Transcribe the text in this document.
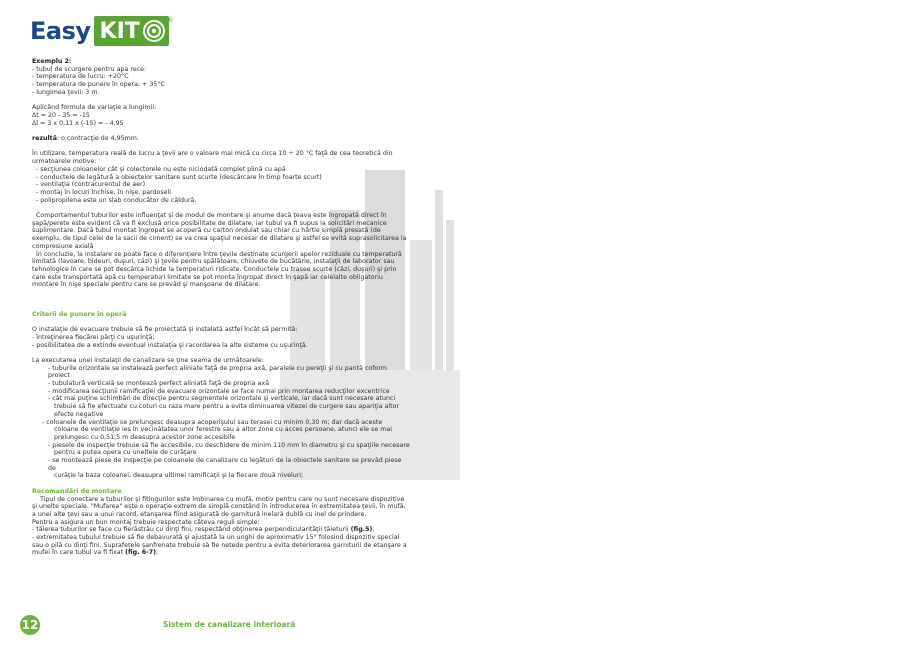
Easy KIT	®

Exemplu 2:

- tubul de scurgere pentru apa rece:

- temperatura de lucru: +20°C

- temperatura de punere în opera: + 35°C

- lungimea ţevii: 3 m.

Aplicând formula de variaţie a lungimii:

Δt = 20 - 35 = -15

Δl = 3 x 0,11 x (-15) = - 4,95

rezultă: o contracţie de 4,95mm.

În utilizare, temperatura reală de lucru a ţevii are o valoare mai mică cu circa 10 ÷ 20 °C faţă de cea teoretică din urmatoarele motive:

- secţiunea coloanelor cât şi colectorele nu este niciodată complet plină cu apă

- conductele de legătură a obiectelor sanitare sunt scurte (descărcare în timp foarte scurt)

- ventilaţia (contracurentul de aer)

- montaj în locuri închise, în nişe, pardoseli

- polipropilena este un slab conducător de căldură.

Comportamentul tuburilor este influenţat şi de modul de montare şi anume dacă ţeava este îngropată direct în şapă/perete este evident că va fi exclusă orice posibilitate de dilatare, iar tubul va fi supus la solicitări mecanice suplimentare. Dacă tubul montat îngropat se acoperă cu carton ondulat sau chiar cu hârtie simplă presată (de exemplu, de tipul celei de la sacii de ciment) se va crea spaţiul necesar de dilatare şi astfel se evită suprasolicitarea la compresiune axială

În concluzie, la instalare se poate face o diferenţiere între ţevile destinate scurgerii apelor reziduale cu temperatură limitată (lavoare, bideuri, duşuri, căzi) şi ţevile pentru spălătoare, chiuvete de bucătărie, instalaţii de laborator sau tehnologice în care se pot descărca lichide la temperaturi ridicate. Conductele cu trasee scurte (căzi, duşuri) şi prin care este transportată apă cu temperaturi limitate se pot monta îngropat direct în şapă iar celelalte obligatoriu montare în nişe speciale pentru care se prevăd şi manşoane de dilatare.

Criterii de punere în operă

O instalaţie de evacuare trebuie să fie proiectată şi instalată astfel încât să permită:

- întreţinerea fiecărei părţi cu uşurinţă;

- posibilitatea de a extinde eventual instalaţia şi racordarea la alte sisteme cu uşurinţă.

La executarea unei instalaţii de canalizare se ţine seama de următoarele:

- tuburile orizontale se instalează perfect aliniate faţă de propria axă, paralele cu pereţii şi cu pantă coform proiect

- tubulatură verticală se montează perfect aliniată faţă de propria axă

- modificarea secţiunii ramificaţiei de evacuare orizontale se face numai prin montarea reducţilor excentrice

- cât mai puţine schimbări de direcţie pentru segmentele orizontale şi verticale, iar dacă sunt necesare atunci

trebuie să fie efectuate cu coturi cu raza mare pentru a evita diminuarea vitezei de curgere sau apariţia altor

efecte negative

- coloanele de ventilaţie se prelungesc deasupra acoperişului sau terasei cu minim 0,30 m; dar dacă aceste

coloane de ventilaţie ies în vecinătatea unor ferestre sau a altor zone cu acces persoane, atunci ele se mai

prelungesc cu 0,51,5 m deasupra acestor zone accesibile

- piesele de inspecţie trebuie să fie accesibile, cu deschidere de minim 110 mm în diametru şi cu spaţiile necesare

pentru a putea opera cu uneltele de curăţare

- se montează piese de inspecţie pe coloanele de canalizare cu legături de la obiectele sanitare se prevăd piese de

curăţie la baza coloanei, deasupra ultimei ramificaţii şi la fiecare două niveluri;

Recomandări de montare

Tipul de conectare a tuburilor şi fitingurilor este îmbinarea cu mufă, motiv pentru care nu sunt necesare dispozitive şi unelte speciale. "Mufarea" este o operaţie extrem de simplă constând în introducerea în extremitatea ţevii, în mufă, a unei alte ţevi sau a unui racord, etanşarea fiind asigurată de garnitură inelară dublă cu inel de prindere.

Pentru a asigura un bun montaj trebuie respectate câteva reguli simple:

- tăierea tuburilor se face cu fierăstrău cu dinţi fini, respectând obţinerea perpendicularităţii tăieturii (fig.5);

- extremitatea tubului trebuie să fie debavurată şi ajustată la un unghi de aproximativ 15° folosind dispozitiv special sau o pilă cu dinţi fini. Suprafeţele şanfrenate trebuie să fie netede pentru a evita deteriorarea garniturii de etanşare a mufei în care tubul va fi fixat (fig. 6-7);

12	Sistem de canalizare interioară
